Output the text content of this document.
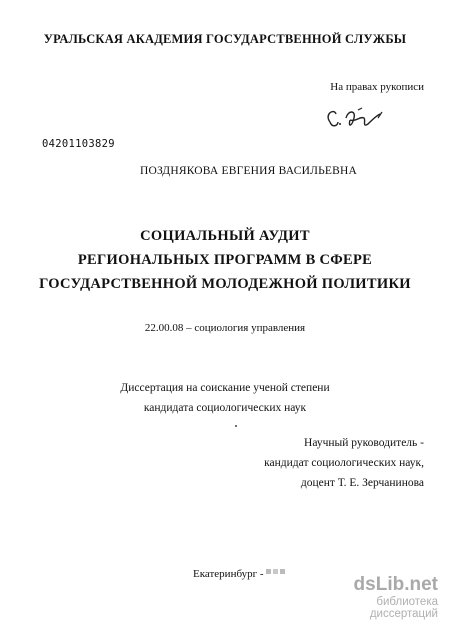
УРАЛЬСКАЯ АКАДЕМИЯ ГОСУДАРСТВЕННОЙ СЛУЖБЫ
На правах рукописи
04201103829
ПОЗДНЯКОВА ЕВГЕНИЯ ВАСИЛЬЕВНА
СОЦИАЛЬНЫЙ АУДИТ
РЕГИОНАЛЬНЫХ ПРОГРАММ В СФЕРЕ
ГОСУДАРСТВЕННОЙ МОЛОДЕЖНОЙ ПОЛИТИКИ
22.00.08 – социология управления
Диссертация на соискание ученой степени
кандидата социологических наук
Научный руководитель -
кандидат социологических наук,
доцент Т. Е. Зерчанинова
Екатеринбург -	dsLib.net
библиотека диссертаций
